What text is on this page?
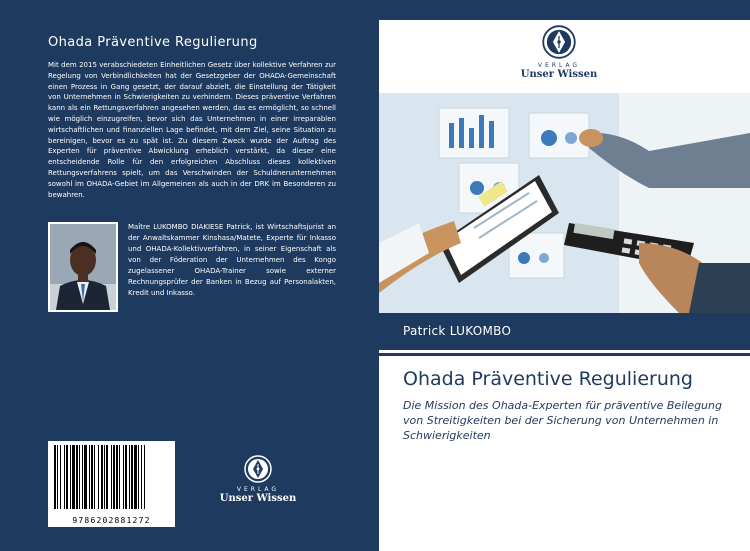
Ohada Präventive Regulierung
Mit dem 2015 verabschiedeten Einheitlichen Gesetz über kollektive Verfahren zur Regelung von Verbindlichkeiten hat der Gesetzgeber der OHADA-Gemeinschaft einen Prozess in Gang gesetzt, der darauf abzielt, die Einstellung der Tätigkeit von Unternehmen in Schwierigkeiten zu verhindern. Dieses präventive Verfahren kann als ein Rettungsverfahren angesehen werden, das es ermöglicht, so schnell wie möglich einzugreifen, bevor sich das Unternehmen in einer irreparablen wirtschaftlichen und finanziellen Lage befindet, mit dem Ziel, seine Situation zu bereinigen, bevor es zu spät ist. Zu diesem Zweck wurde der Auftrag des Experten für präventive Abwicklung erheblich verstärkt, da dieser eine entscheidende Rolle für den erfolgreichen Abschluss dieses kollektiven Rettungsverfahrens spielt, um das Verschwinden der Schuldnerunternehmen sowohl im OHADA-Gebiet im Allgemeinen als auch in der DRK im Besonderen zu bewahren.
Maître LUKOMBO DIAKIESE Patrick, ist Wirtschaftsjurist an der Anwaltskammer Kinshasa/Matete, Experte für Inkasso und OHADA-Kollektivverfahren, in seiner Eigenschaft als von der Föderation der Unternehmen des Kongo zugelassener OHADA-Trainer sowie externer Rechnungsprüfer der Banken in Bezug auf Personalakten, Kredit und Inkasso.
9786202881272
VERLAG
Unser Wissen
VERLAG
Unser Wissen
Patrick LUKOMBO
Ohada Präventive Regulierung
Die Mission des Ohada-Experten für präventive Beilegung von Streitigkeiten bei der Sicherung von Unternehmen in Schwierigkeiten
